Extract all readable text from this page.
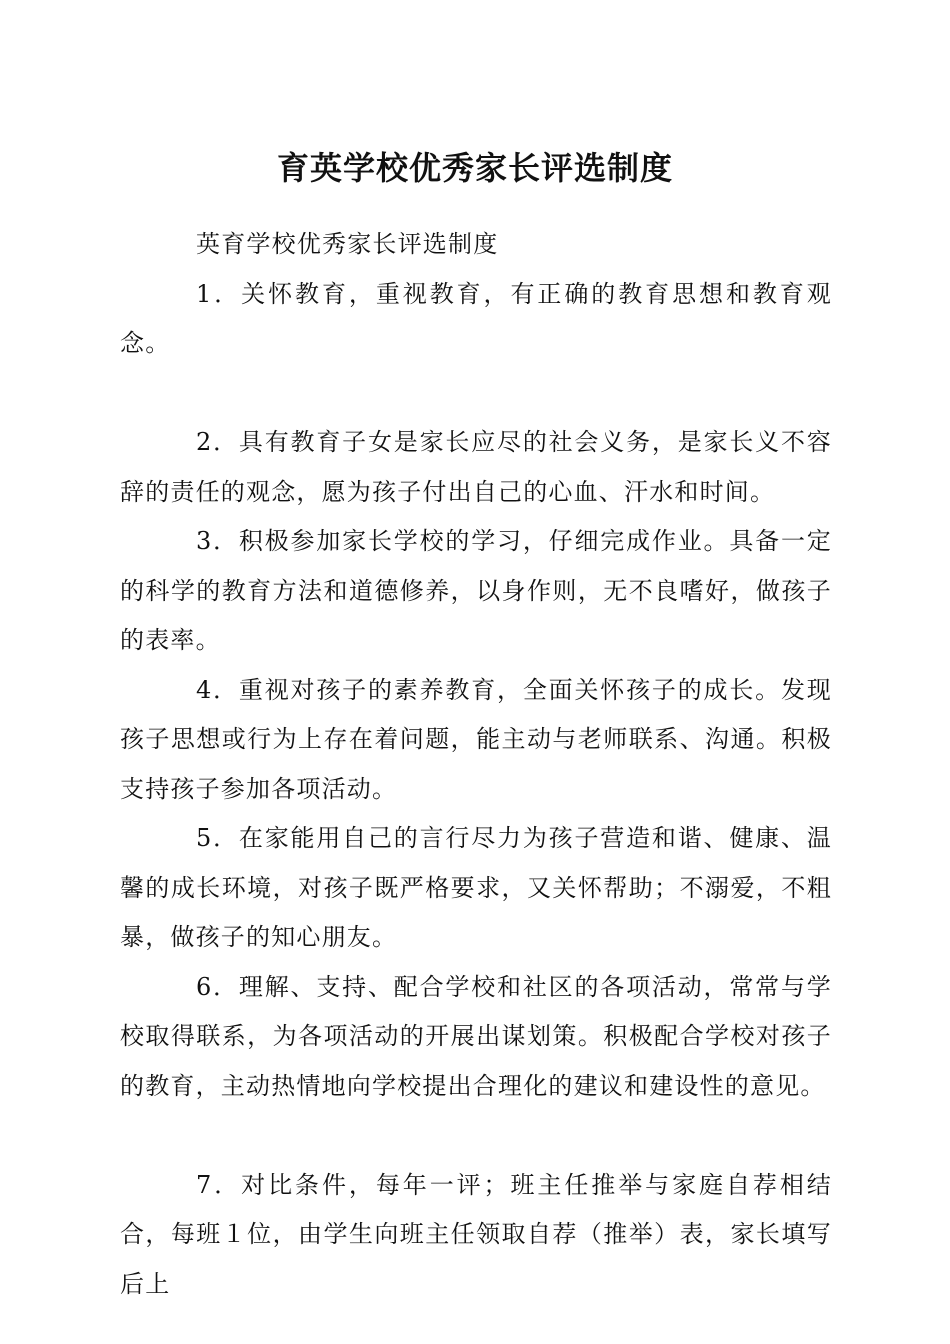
育英学校优秀家长评选制度

英育学校优秀家长评选制度

1．关怀教育，重视教育，有正确的教育思想和教育观念。

2．具有教育子女是家长应尽的社会义务，是家长义不容辞的责任的观念，愿为孩子付出自己的心血、汗水和时间。

3．积极参加家长学校的学习，仔细完成作业。具备一定的科学的教育方法和道德修养，以身作则，无不良嗜好，做孩子的表率。

4．重视对孩子的素养教育，全面关怀孩子的成长。发现孩子思想或行为上存在着问题，能主动与老师联系、沟通。积极支持孩子参加各项活动。

5．在家能用自己的言行尽力为孩子营造和谐、健康、温馨的成长环境，对孩子既严格要求，又关怀帮助；不溺爱，不粗暴，做孩子的知心朋友。

6．理解、支持、配合学校和社区的各项活动，常常与学校取得联系，为各项活动的开展出谋划策。积极配合学校对孩子的教育，主动热情地向学校提出合理化的建议和建设性的意见。

7．对比条件，每年一评；班主任推举与家庭自荐相结合，每班１位，由学生向班主任领取自荐（推举）表，家长填写后上
